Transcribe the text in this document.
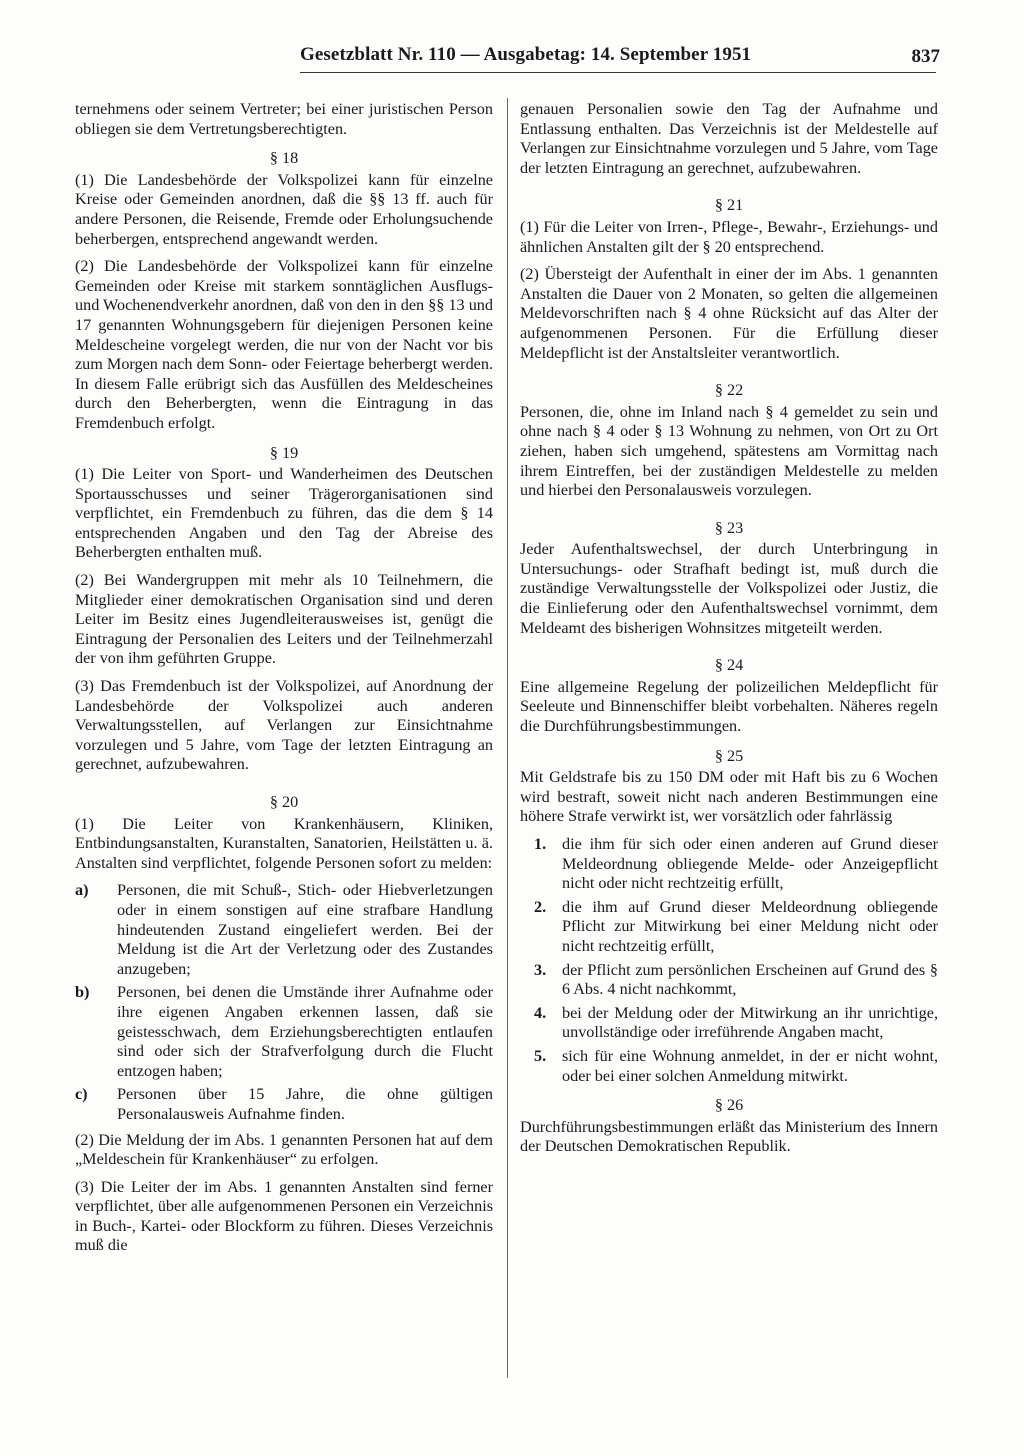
Gesetzblatt Nr. 110 — Ausgabetag: 14. September 1951	837

ternehmens oder seinem Vertreter; bei einer juristischen Person obliegen sie dem Vertretungsberechtigten.

§ 18

(1) Die Landesbehörde der Volkspolizei kann für einzelne Kreise oder Gemeinden anordnen, daß die §§ 13 ff. auch für andere Personen, die Reisende, Fremde oder Erholungsuchende beherbergen, entsprechend angewandt werden.

(2) Die Landesbehörde der Volkspolizei kann für einzelne Gemeinden oder Kreise mit starkem sonntäglichen Ausflugs- und Wochenendverkehr anordnen, daß von den in den §§ 13 und 17 genannten Wohnungsgebern für diejenigen Personen keine Meldescheine vorgelegt werden, die nur von der Nacht vor bis zum Morgen nach dem Sonn- oder Feiertage beherbergt werden. In diesem Falle erübrigt sich das Ausfüllen des Meldescheines durch den Beherbergten, wenn die Eintragung in das Fremdenbuch erfolgt.

§ 19

(1) Die Leiter von Sport- und Wanderheimen des Deutschen Sportausschusses und seiner Trägerorganisationen sind verpflichtet, ein Fremdenbuch zu führen, das die dem § 14 entsprechenden Angaben und den Tag der Abreise des Beherbergten enthalten muß.

(2) Bei Wandergruppen mit mehr als 10 Teilnehmern, die Mitglieder einer demokratischen Organisation sind und deren Leiter im Besitz eines Jugendleiterausweises ist, genügt die Eintragung der Personalien des Leiters und der Teilnehmerzahl der von ihm geführten Gruppe.

(3) Das Fremdenbuch ist der Volkspolizei, auf Anordnung der Landesbehörde der Volkspolizei auch anderen Verwaltungsstellen, auf Verlangen zur Einsichtnahme vorzulegen und 5 Jahre, vom Tage der letzten Eintragung an gerechnet, aufzubewahren.

§ 20

(1) Die Leiter von Krankenhäusern, Kliniken, Entbindungsanstalten, Kuranstalten, Sanatorien, Heilstätten u. ä. Anstalten sind verpflichtet, folgende Personen sofort zu melden:

a) Personen, die mit Schuß-, Stich- oder Hiebverletzungen oder in einem sonstigen auf eine strafbare Handlung hindeutenden Zustand eingeliefert werden. Bei der Meldung ist die Art der Verletzung oder des Zustandes anzugeben;
b) Personen, bei denen die Umstände ihrer Aufnahme oder ihre eigenen Angaben erkennen lassen, daß sie geistesschwach, dem Erziehungsberechtigten entlaufen sind oder sich der Strafverfolgung durch die Flucht entzogen haben;
c) Personen über 15 Jahre, die ohne gültigen Personalausweis Aufnahme finden.

(2) Die Meldung der im Abs. 1 genannten Personen hat auf dem „Meldeschein für Krankenhäuser“ zu erfolgen.

(3) Die Leiter der im Abs. 1 genannten Anstalten sind ferner verpflichtet, über alle aufgenommenen Personen ein Verzeichnis in Buch-, Kartei- oder Blockform zu führen. Dieses Verzeichnis muß die

genauen Personalien sowie den Tag der Aufnahme und Entlassung enthalten. Das Verzeichnis ist der Meldestelle auf Verlangen zur Einsichtnahme vorzulegen und 5 Jahre, vom Tage der letzten Eintragung an gerechnet, aufzubewahren.

§ 21

(1) Für die Leiter von Irren-, Pflege-, Bewahr-, Erziehungs- und ähnlichen Anstalten gilt der § 20 entsprechend.

(2) Übersteigt der Aufenthalt in einer der im Abs. 1 genannten Anstalten die Dauer von 2 Monaten, so gelten die allgemeinen Meldevorschriften nach § 4 ohne Rücksicht auf das Alter der aufgenommenen Personen. Für die Erfüllung dieser Meldepflicht ist der Anstaltsleiter verantwortlich.

§ 22

Personen, die, ohne im Inland nach § 4 gemeldet zu sein und ohne nach § 4 oder § 13 Wohnung zu nehmen, von Ort zu Ort ziehen, haben sich umgehend, spätestens am Vormittag nach ihrem Eintreffen, bei der zuständigen Meldestelle zu melden und hierbei den Personalausweis vorzulegen.

§ 23

Jeder Aufenthaltswechsel, der durch Unterbringung in Untersuchungs- oder Strafhaft bedingt ist, muß durch die zuständige Verwaltungsstelle der Volkspolizei oder Justiz, die die Einlieferung oder den Aufenthaltswechsel vornimmt, dem Meldeamt des bisherigen Wohnsitzes mitgeteilt werden.

§ 24

Eine allgemeine Regelung der polizeilichen Meldepflicht für Seeleute und Binnenschiffer bleibt vorbehalten. Näheres regeln die Durchführungsbestimmungen.

§ 25

Mit Geldstrafe bis zu 150 DM oder mit Haft bis zu 6 Wochen wird bestraft, soweit nicht nach anderen Bestimmungen eine höhere Strafe verwirkt ist, wer vorsätzlich oder fahrlässig

1. die ihm für sich oder einen anderen auf Grund dieser Meldeordnung obliegende Melde- oder Anzeigepflicht nicht oder nicht rechtzeitig erfüllt,
2. die ihm auf Grund dieser Meldeordnung obliegende Pflicht zur Mitwirkung bei einer Meldung nicht oder nicht rechtzeitig erfüllt,
3. der Pflicht zum persönlichen Erscheinen auf Grund des § 6 Abs. 4 nicht nachkommt,
4. bei der Meldung oder der Mitwirkung an ihr unrichtige, unvollständige oder irreführende Angaben macht,
5. sich für eine Wohnung anmeldet, in der er nicht wohnt, oder bei einer solchen Anmeldung mitwirkt.
§ 26

Durchführungsbestimmungen erläßt das Ministerium des Innern der Deutschen Demokratischen Republik.
